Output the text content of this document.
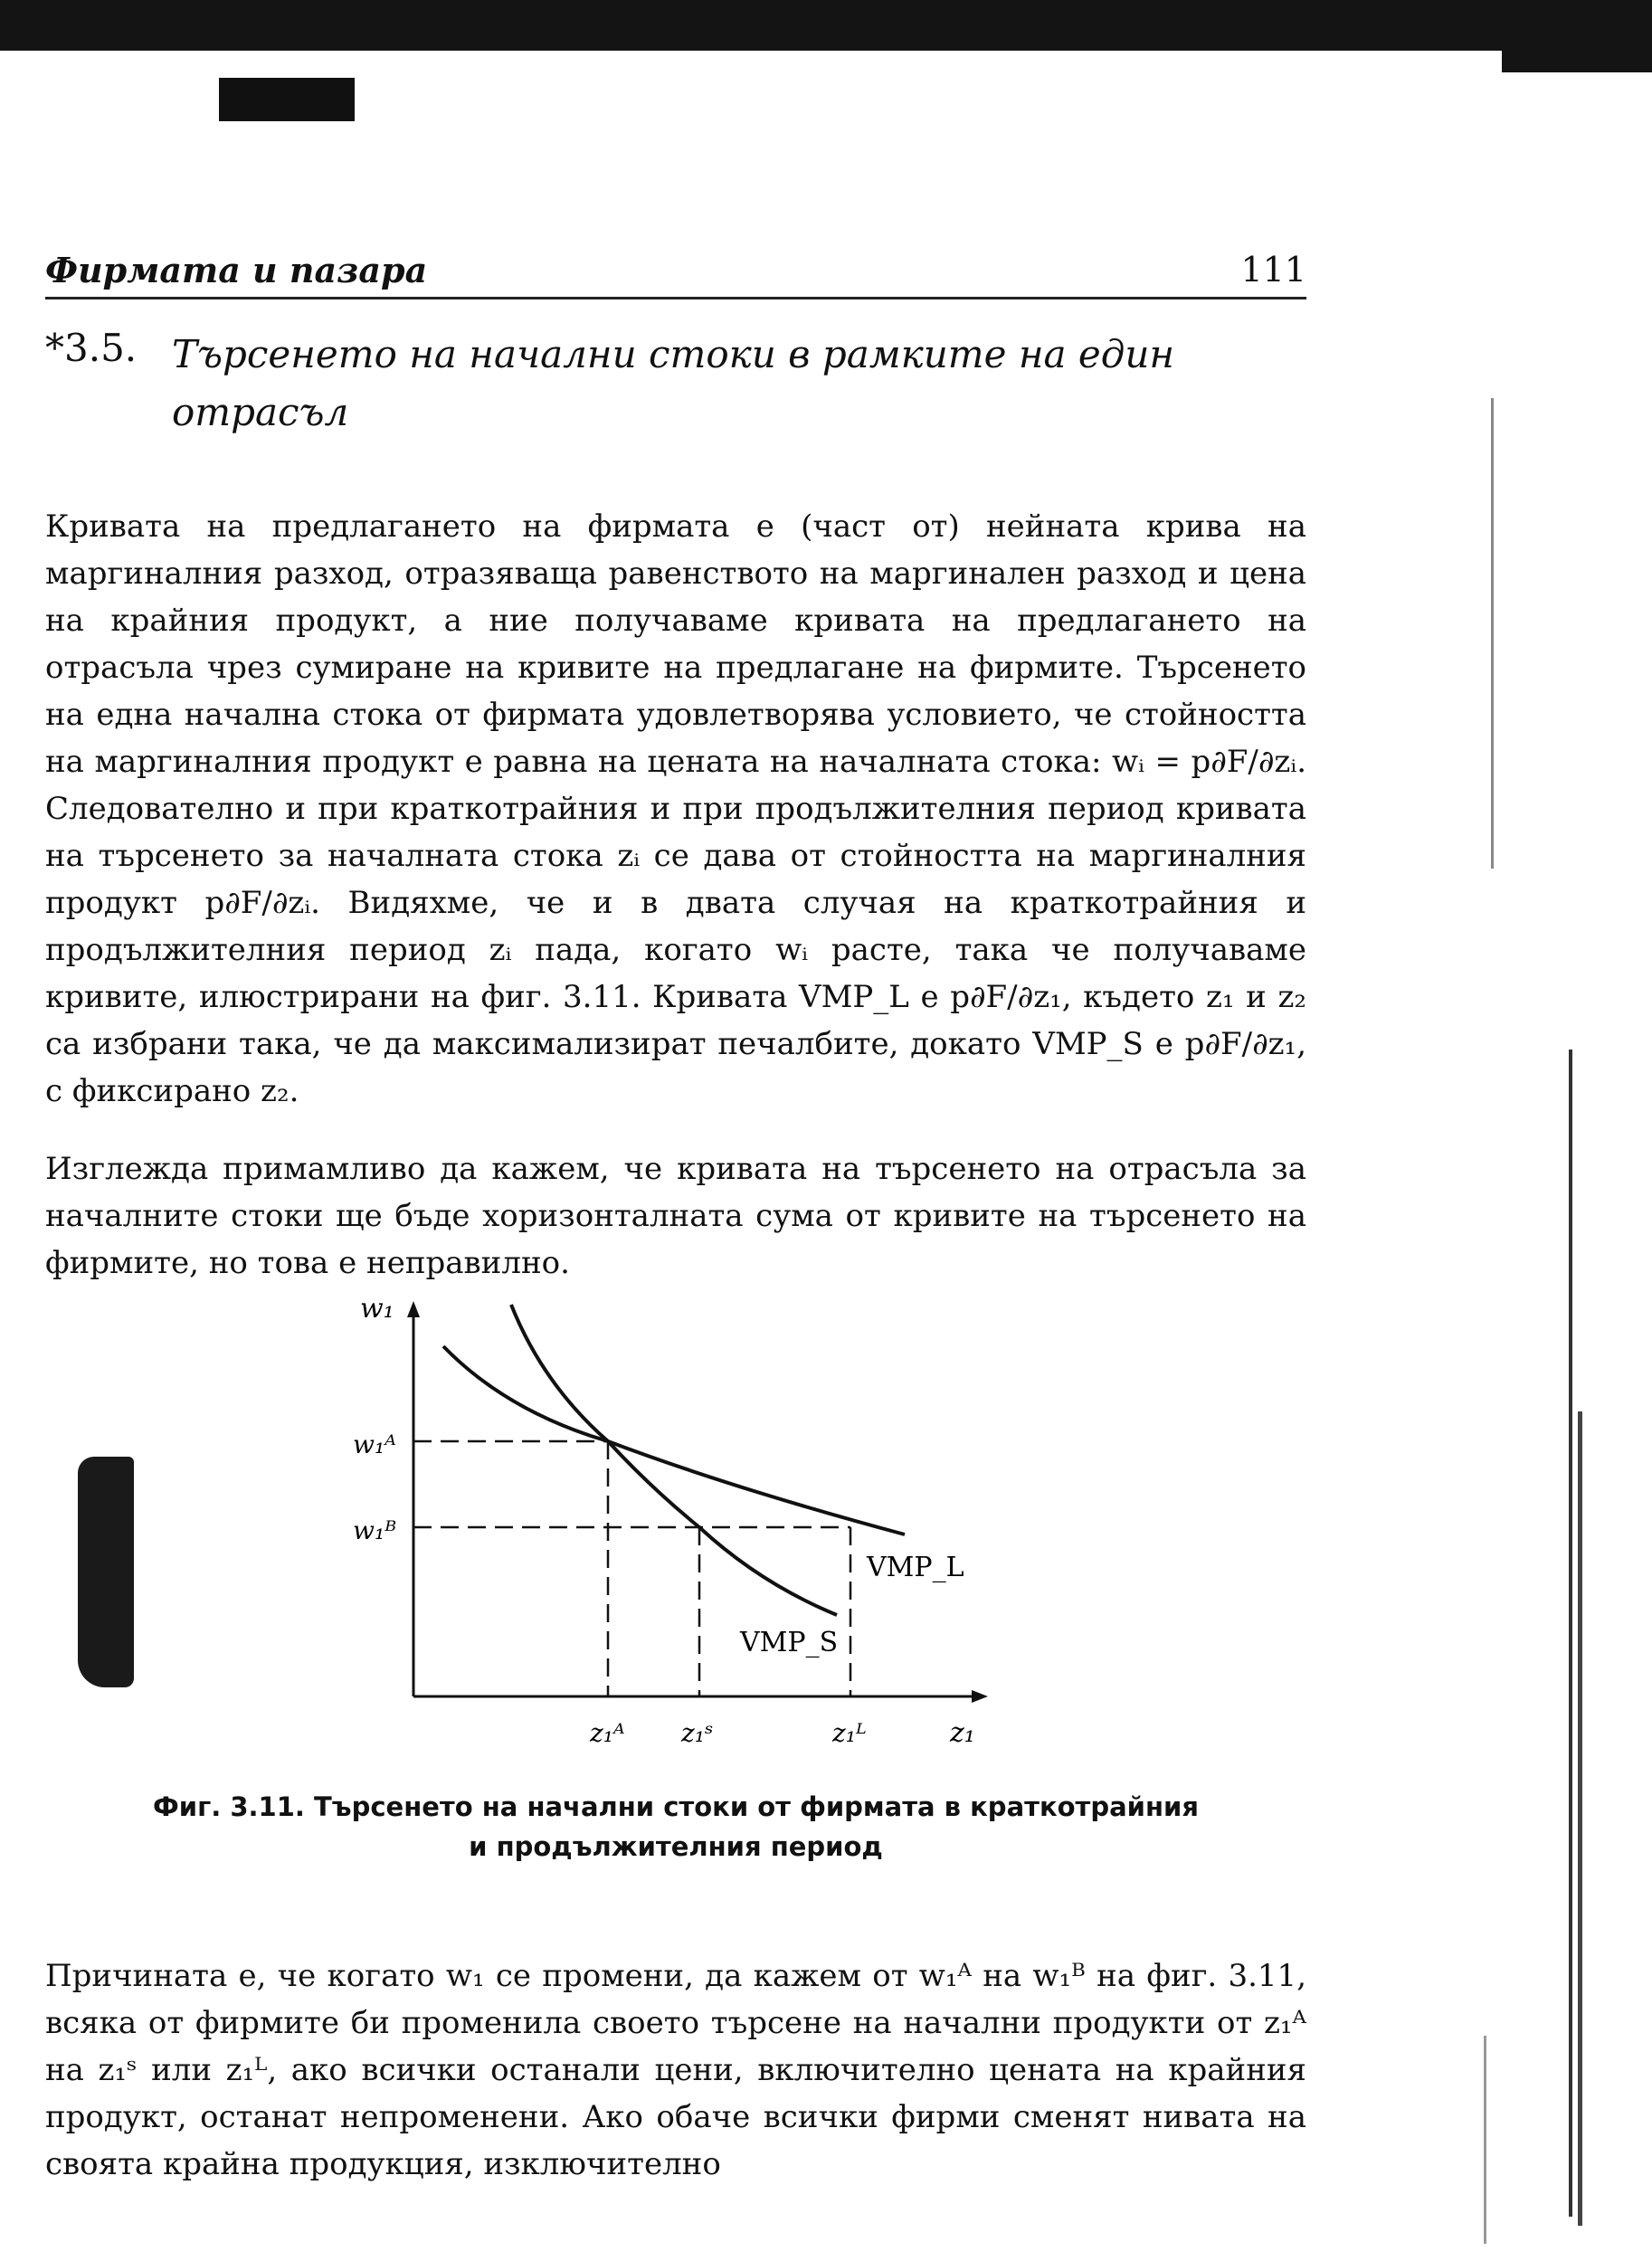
Фирмата и пазара	111
*3.5. Търсенето на начални стоки в рамките на един отрасъл

Кривата на предлагането на фирмата е (част от) нейната крива на маргиналния разход, отразяваща равенството на маргинален разход и цена на крайния продукт, а ние получаваме кривата на предлагането на отрасъла чрез сумиране на кривите на предлагане на фирмите. Търсенето на една начална стока от фирмата удовлетворява условието, че стойността на маргиналния продукт е равна на цената на началната стока: wᵢ = p∂F/∂zᵢ. Следователно и при краткотрайния и при продължителния период кривата на търсенето за началната стока zᵢ се дава от стойността на маргиналния продукт p∂F/∂zᵢ. Видяхме, че и в двата случая на краткотрайния и продължителния период zᵢ пада, когато wᵢ расте, така че получаваме кривите, илюстрирани на фиг. 3.11. Кривата VMP_L е p∂F/∂z₁, където z₁ и z₂ са избрани така, че да максимализират печалбите, докато VMP_S е p∂F/∂z₁, с фиксирано z₂.

Изглежда примамливо да кажем, че кривата на търсенето на отрасъла за началните стоки ще бъде хоризонталната сума от кривите на търсенето на фирмите, но това е неправилно.

w₁
w₁ᴬ
w₁ᴮ
z₁ᴬ z₁ˢ	z₁ᴸ	z₁
VMP_L
VMP_S
Фиг. 3.11. Търсенето на начални стоки от фирмата в краткотрайния
и продължителния период

Причината е, че когато w₁ се промени, да кажем от w₁ᴬ на w₁ᴮ на фиг. 3.11, всяка от фирмите би променила своето търсене на начални продукти от z₁ᴬ на z₁ˢ или z₁ᴸ, ако всички останали цени, включително цената на крайния продукт, останат непроменени. Ако обаче всички фирми сменят нивата на своята крайна продукция, изключително
